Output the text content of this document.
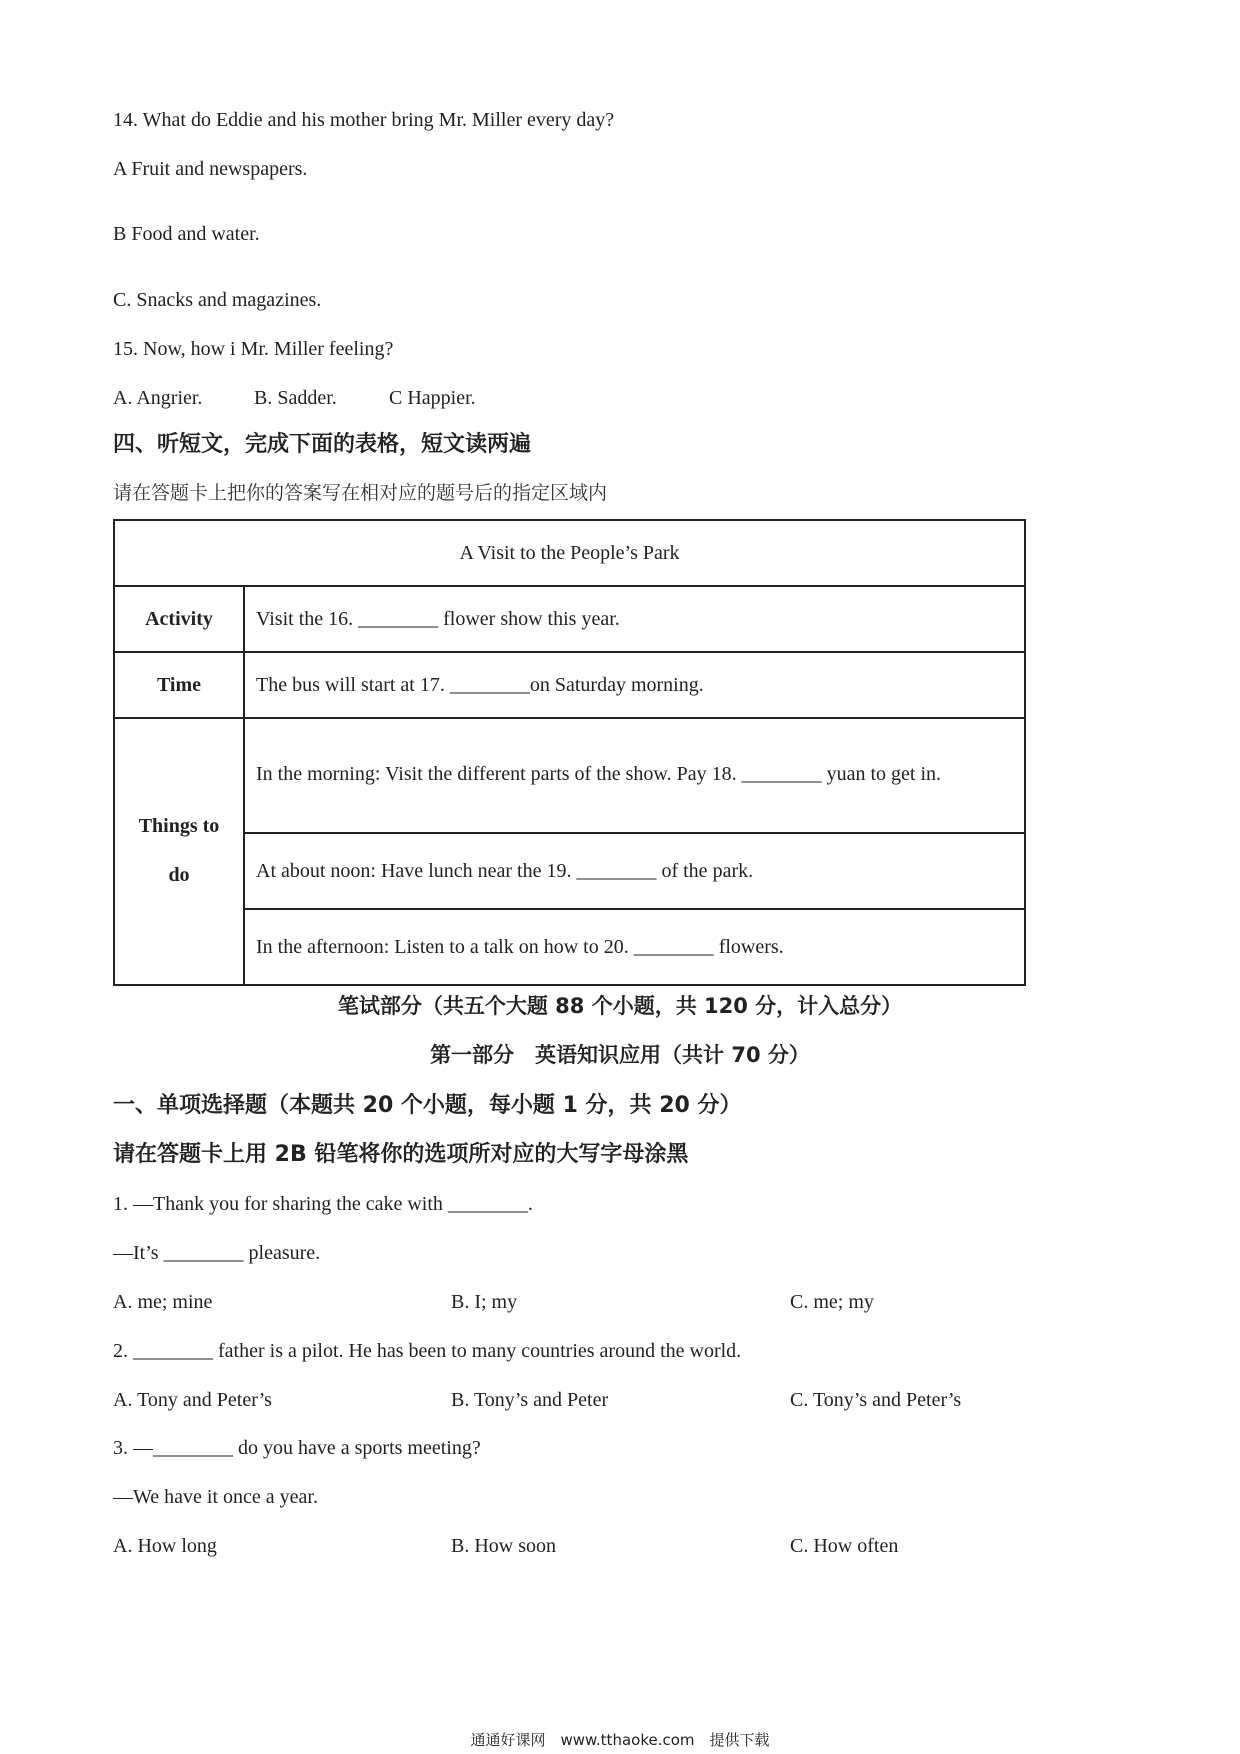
14. What do Eddie and his mother bring Mr. Miller every day?
A Fruit and newspapers.
B Food and water.
C. Snacks and magazines.
15. Now, how i Mr. Miller feeling?
A. Angrier.	B. Sadder.	C Happier.
四、听短文，完成下面的表格，短文读两遍
请在答题卡上把你的答案写在相对应的题号后的指定区域内
A Visit to the People’s Park	
Activity	Visit the 16. ________ flower show this year.
Time	The bus will start at 17. ________on Saturday morning.
Things to
do	In the morning: Visit the different parts of the show. Pay 18. ________ yuan to get in.
	At about noon: Have lunch near the 19. ________ of the park.
	In the afternoon: Listen to a talk on how to 20. ________ flowers.
笔试部分（共五个大题 88 个小题，共 120 分，计入总分）
第一部分　英语知识应用（共计 70 分）
一、单项选择题（本题共 20 个小题，每小题 1 分，共 20 分）
请在答题卡上用 2B 铅笔将你的选项所对应的大写字母涂黑
1. —Thank you for sharing the cake with ________.
—It’s ________ pleasure.
A. me; mine	B. I; my	C. me; my
2. ________ father is a pilot. He has been to many countries around the world.
A. Tony and Peter’s	B. Tony’s and Peter	C. Tony’s and Peter’s
3. —________ do you have a sports meeting?
—We have it once a year.
A. How long	B. How soon	C. How often
通通好课网　www.tthaoke.com　提供下载
